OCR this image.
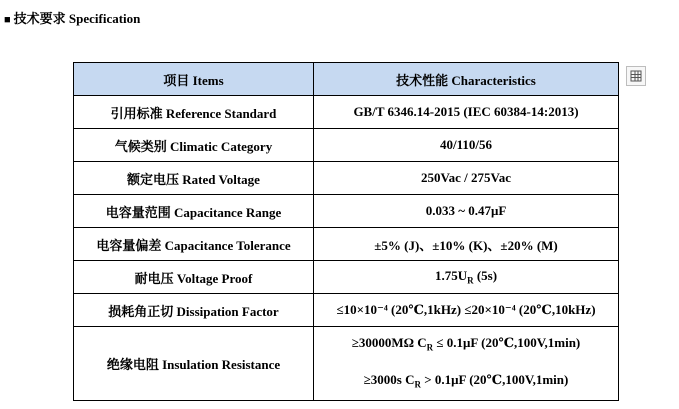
■ 技术要求 Specification
项目 Items	技术性能 Characteristics
引用标准 Reference Standard	GB/T 6346.14-2015 (IEC 60384-14:2013)
气候类别 Climatic Category	40/110/56
额定电压 Rated Voltage	250Vac / 275Vac
电容量范围 Capacitance Range	0.033 ~ 0.47μF
电容量偏差 Capacitance Tolerance	±5% (J)、±10% (K)、±20% (M)
耐电压 Voltage Proof	$1.75U_R$ (5s)
损耗角正切 Dissipation Factor	≤10×10⁻⁴ (20℃,1kHz) ≤20×10⁻⁴ (20℃,10kHz)
绝缘电阻 Insulation Resistance	≥30000MΩ $C_R \le 0.1\mu F$ (20℃,100V,1min)
≥3000s $C_R > 0.1\mu F$ (20℃,100V,1min)
